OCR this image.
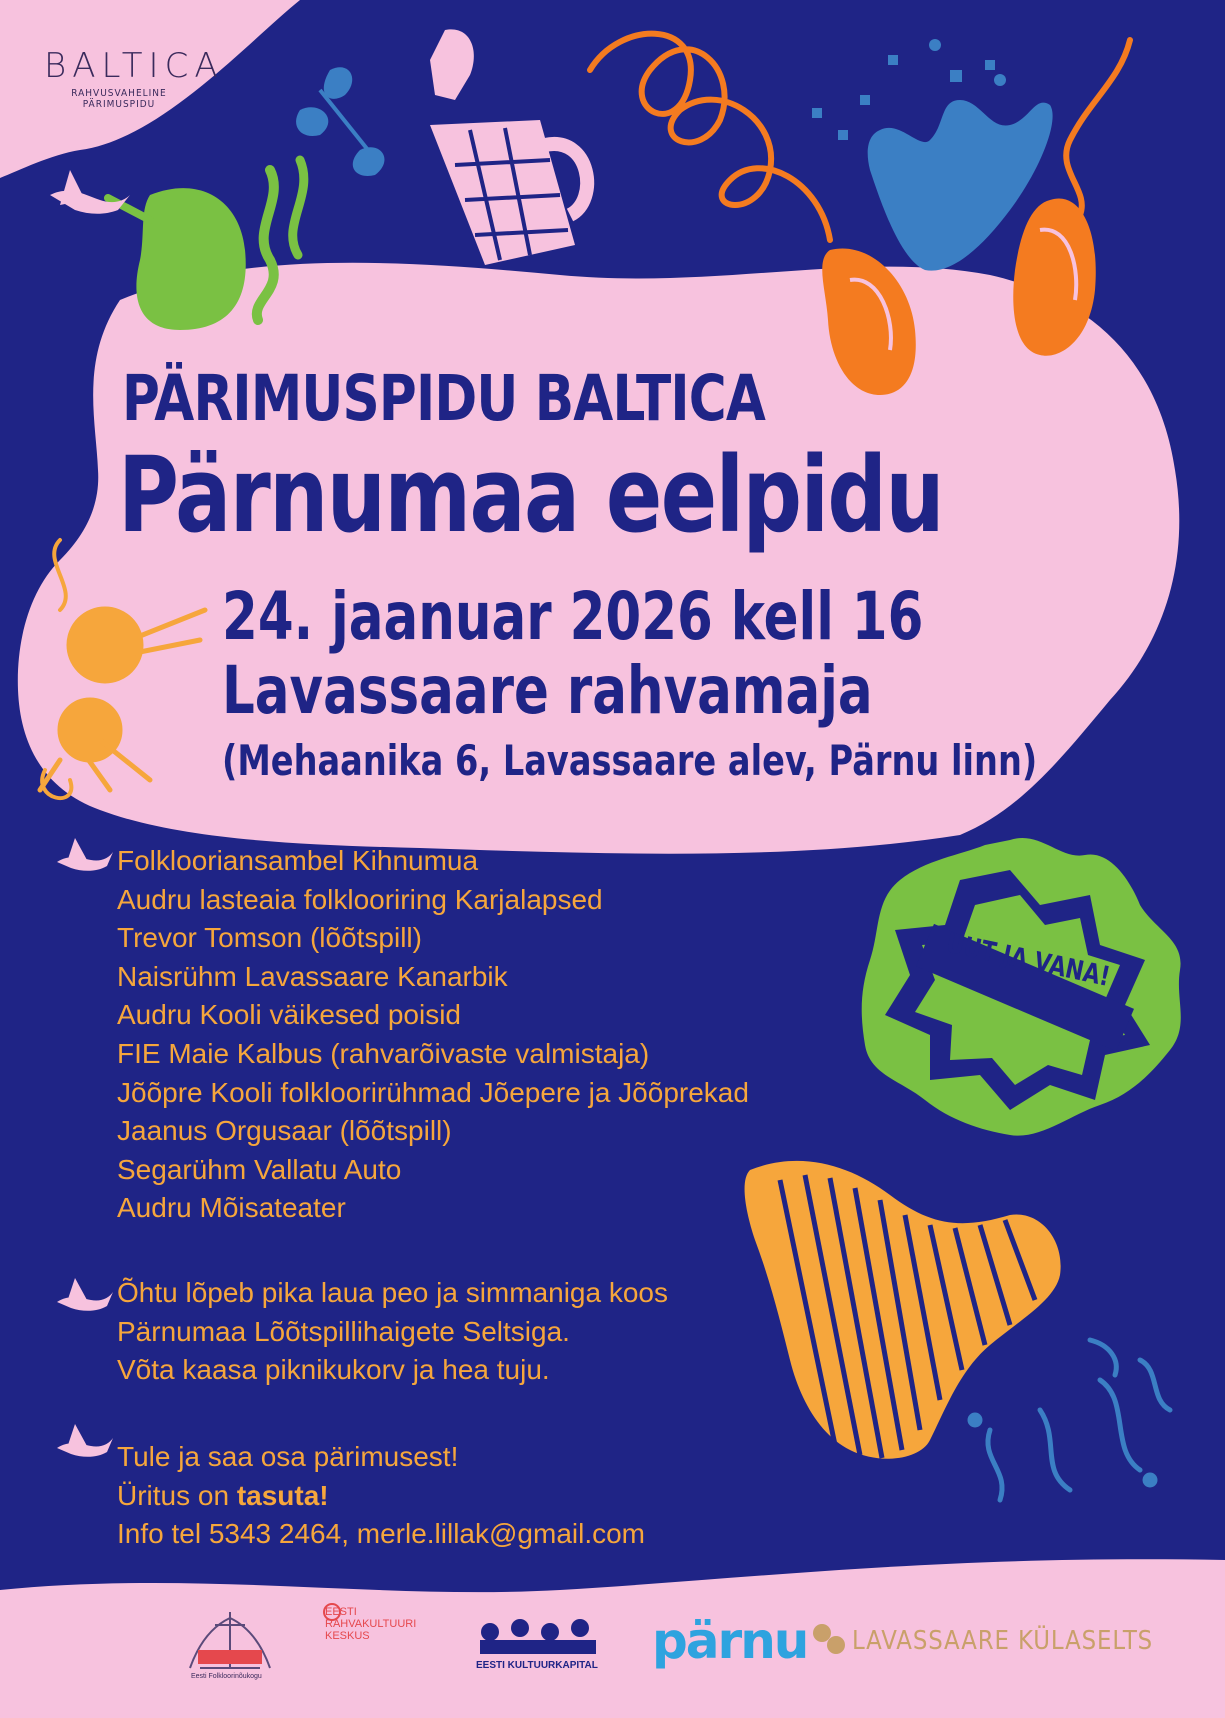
BALTICA
RAHVUSVAHELINE PÄRIMUSPIDU
PÄRIMUSPIDU BALTICA
Pärnumaa eelpidu
24. jaanuar 2026 kell 16
Lavassaare rahvamaja
(Mehaanika 6, Lavassaare alev, Pärnu linn)
Folklooriansambel Kihnumua
Audru lasteaia folklooriring Karjalapsed
Trevor Tomson (lõõtspill)
Naisrühm Lavassaare Kanarbik
Audru Kooli väikesed poisid
FIE Maie Kalbus (rahvarõivaste valmistaja)
Jõõpre Kooli folkloorirühmad Jõepere ja Jõõprekad
Jaanus Orgusaar (lõõtspill)
Segarühm Vallatu Auto
Audru Mõisateater

Õhtu lõpeb pika laua peo ja simmaniga koos

Pärnumaa Lõõtspillihaigete Seltsiga.

Võta kaasa piknikukorv ja hea tuju.

Tule ja saa osa pärimusest!

Üritus on tasuta!

Info tel 5343 2464, merle.lillak@gmail.com

UUT JA VANA!
Eesti Folkloorinõukogu
EESTI
RAHVAKULTUURI
KESKUS
EESTI KULTUURKAPITAL pärnu LAVASSAARE KÜLASELTS
